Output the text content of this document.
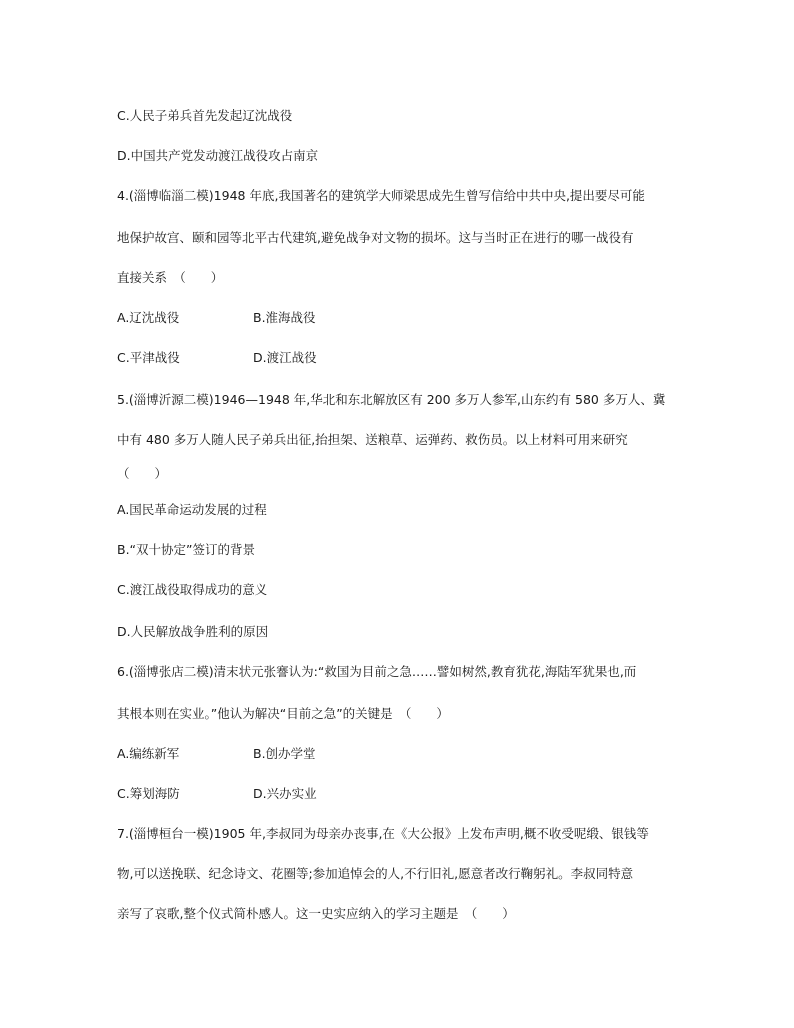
C.人民子弟兵首先发起辽沈战役
D.中国共产党发动渡江战役攻占南京
4.(淄博临淄二模)1948 年底,我国著名的建筑学大师梁思成先生曾写信给中共中央,提出要尽可能
地保护故宫、颐和园等北平古代建筑,避免战争对文物的损坏。这与当时正在进行的哪一战役有
直接关系　（　　）
A.辽沈战役	B.淮海战役
C.平津战役	D.渡江战役
5.(淄博沂源二模)1946—1948 年,华北和东北解放区有 200 多万人参军,山东约有 580 多万人、冀
中有 480 多万人随人民子弟兵出征,抬担架、送粮草、运弹药、救伤员。以上材料可用来研究
（　　）
A.国民革命运动发展的过程
B.“双十协定”签订的背景
C.渡江战役取得成功的意义
D.人民解放战争胜利的原因
6.(淄博张店二模)清末状元张謇认为:“救国为目前之急……譬如树然,教育犹花,海陆军犹果也,而
其根本则在实业。”他认为解决“目前之急”的关键是　（　　）
A.编练新军	B.创办学堂
C.筹划海防	D.兴办实业
7.(淄博桓台一模)1905 年,李叔同为母亲办丧事,在《大公报》上发布声明,概不收受呢缎、银钱等
物,可以送挽联、纪念诗文、花圈等;参加追悼会的人,不行旧礼,愿意者改行鞠躬礼。李叔同特意
亲写了哀歌,整个仪式简朴感人。这一史实应纳入的学习主题是　（　　）
